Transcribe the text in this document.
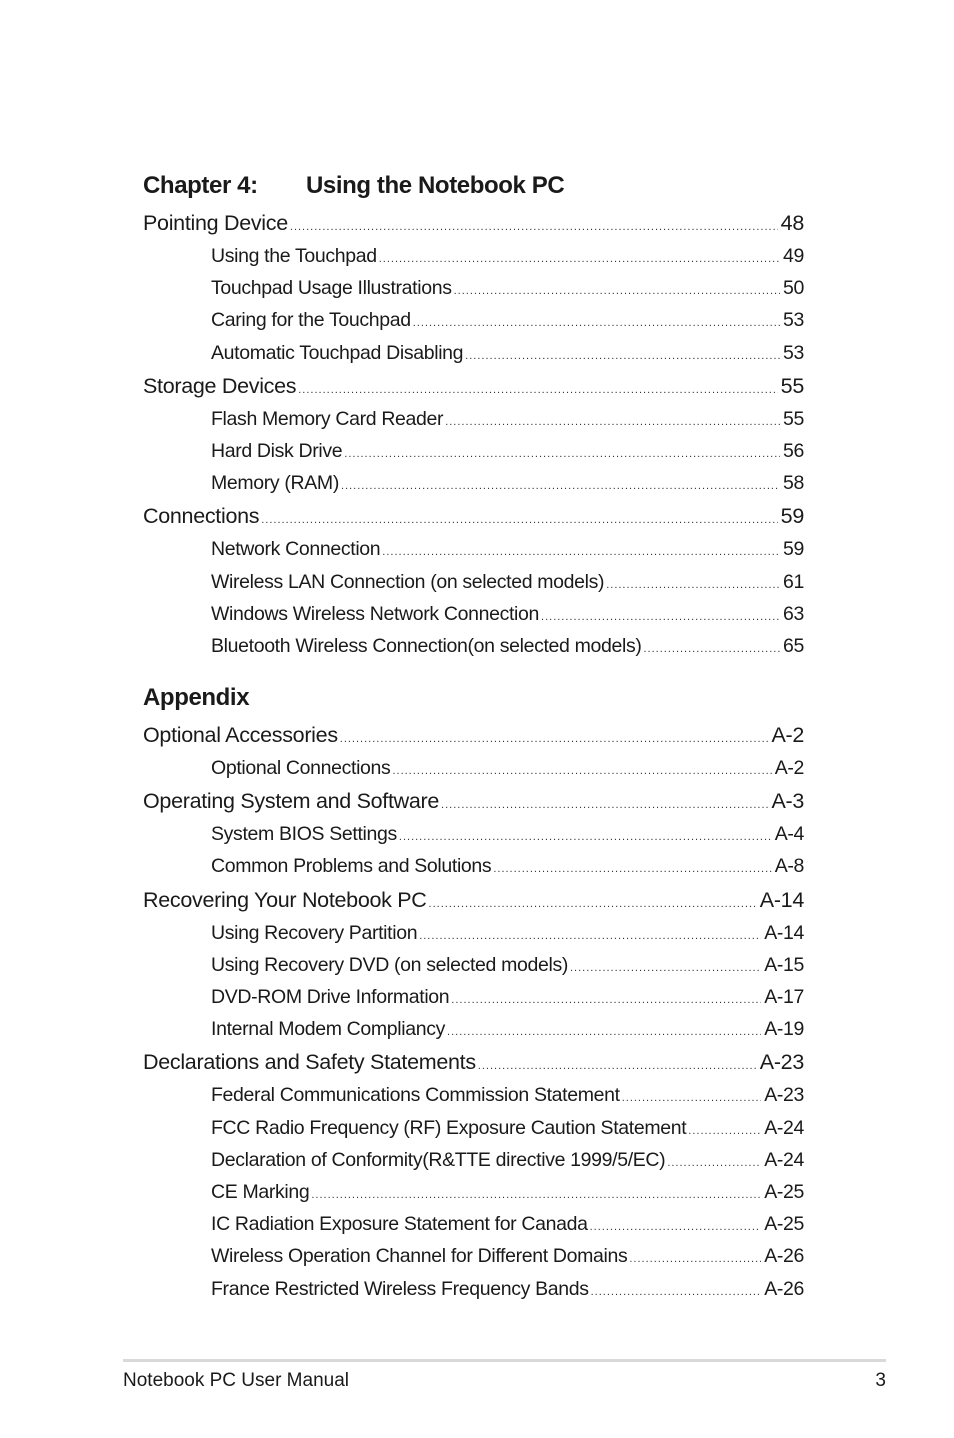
Chapter 4: Using the Notebook PC
Pointing Device .....	48
Using the Touchpad .....	49
Touchpad Usage Illustrations .....	50
Caring for the Touchpad .....	53
Automatic Touchpad Disabling .....	53
Storage Devices .....	55
Flash Memory Card Reader .....	55
Hard Disk Drive .....	56
Memory (RAM) .....	58
Connections .....	59
Network Connection .....	59
Wireless LAN Connection (on selected models) .....	61
Windows Wireless Network Connection .....	63
Bluetooth Wireless Connection(on selected models) .....	65
Appendix
Optional Accessories .....	A-2
Optional Connections .....	A-2
Operating System and Software .....	A-3
System BIOS Settings .....	A-4
Common Problems and Solutions .....	A-8
Recovering Your Notebook PC .....	A-14
Using Recovery Partition .....	A-14
Using Recovery DVD (on selected models) .....	A-15
DVD-ROM Drive Information .....	A-17
Internal Modem Compliancy .....	A-19
Declarations and Safety Statements .....	A-23
Federal Communications Commission Statement .....	A-23
FCC Radio Frequency (RF) Exposure Caution Statement .....	A-24
Declaration of Conformity(R&TTE directive 1999/5/EC) .....	A-24
CE Marking .....	A-25
IC Radiation Exposure Statement for Canada .....	A-25
Wireless Operation Channel for Different Domains .....	A-26
France Restricted Wireless Frequency Bands .....	A-26
Notebook PC User Manual	3
